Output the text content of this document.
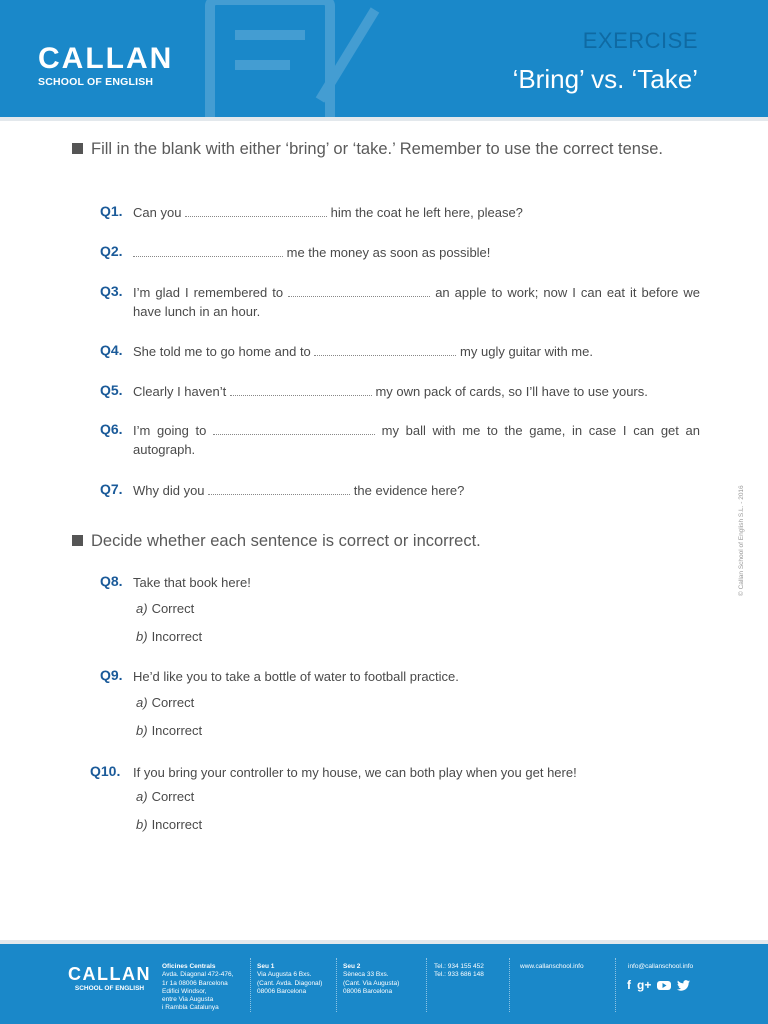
CALLAN
SCHOOL OF ENGLISH
EXERCISE
‘Bring’ vs. ‘Take’
Fill in the blank with either ‘bring’ or ‘take.’ Remember to use the correct tense.
Q1. Can you	him the coat he left here, please?
Q2.	me the money as soon as possible!
Q3. I’m glad I remembered to	an apple to work; now I can eat it before we have lunch in an hour.
Q4. She told me to go home and to	my ugly guitar with me.
Q5. Clearly I haven’t	my own pack of cards, so I’ll have to use yours.
Q6. I’m going to	my ball with me to the game, in case I can get an autograph.
Q7. Why did you	the evidence here?
Decide whether each sentence is correct or incorrect.
Q8. Take that book here!
a) Correct
b) Incorrect
Q9. He’d like you to take a bottle of water to football practice.
a) Correct
b) Incorrect
Q10. If you bring your controller to my house, we can both play when you get here!
a) Correct
b) Incorrect
© Callan School of English S.L. - 2016
CALLAN
SCHOOL OF ENGLISH
Oficines Centrals
Avda. Diagonal 472-476,
1r 1a 08006 Barcelona
Edifici Windsor,
entre Via Augusta
i Rambla Catalunya
Seu 1
Via Augusta 6 Bxs.
(Cant. Avda. Diagonal)
08006 Barcelona
Seu 2
Sèneca 33 Bxs.
(Cant. Via Augusta)
08006 Barcelona
Tel.: 934 155 452
Tel.: 933 686 148
www.callanschool.info	info@callanschool.info
f g+
